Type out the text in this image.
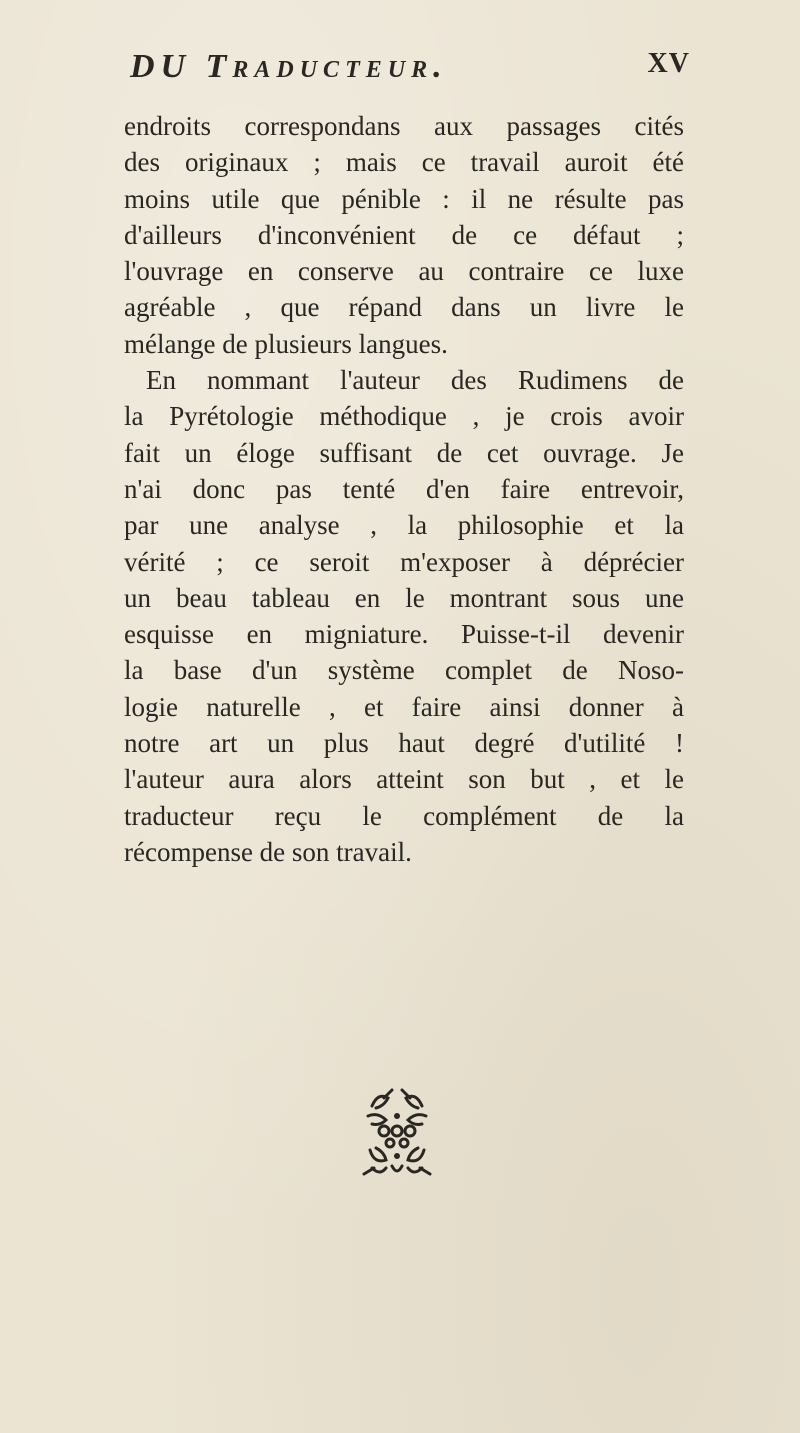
DU Traducteur.	XV
endroits correspondans aux passages cités
des originaux ; mais ce travail auroit été
moins utile que pénible : il ne résulte pas
d'ailleurs d'inconvénient de ce défaut ;
l'ouvrage en conserve au contraire ce luxe
agréable , que répand dans un livre le
mélange de plusieurs langues.
En nommant l'auteur des Rudimens de
la Pyrétologie méthodique , je crois avoir
fait un éloge suffisant de cet ouvrage. Je
n'ai donc pas tenté d'en faire entrevoir,
par une analyse , la philosophie et la
vérité ; ce seroit m'exposer à déprécier
un beau tableau en le montrant sous une
esquisse en migniature. Puisse-t-il devenir
la base d'un système complet de Noso-
logie naturelle , et faire ainsi donner à
notre art un plus haut degré d'utilité !
l'auteur aura alors atteint son but , et le
traducteur reçu le complément de la
récompense de son travail.
